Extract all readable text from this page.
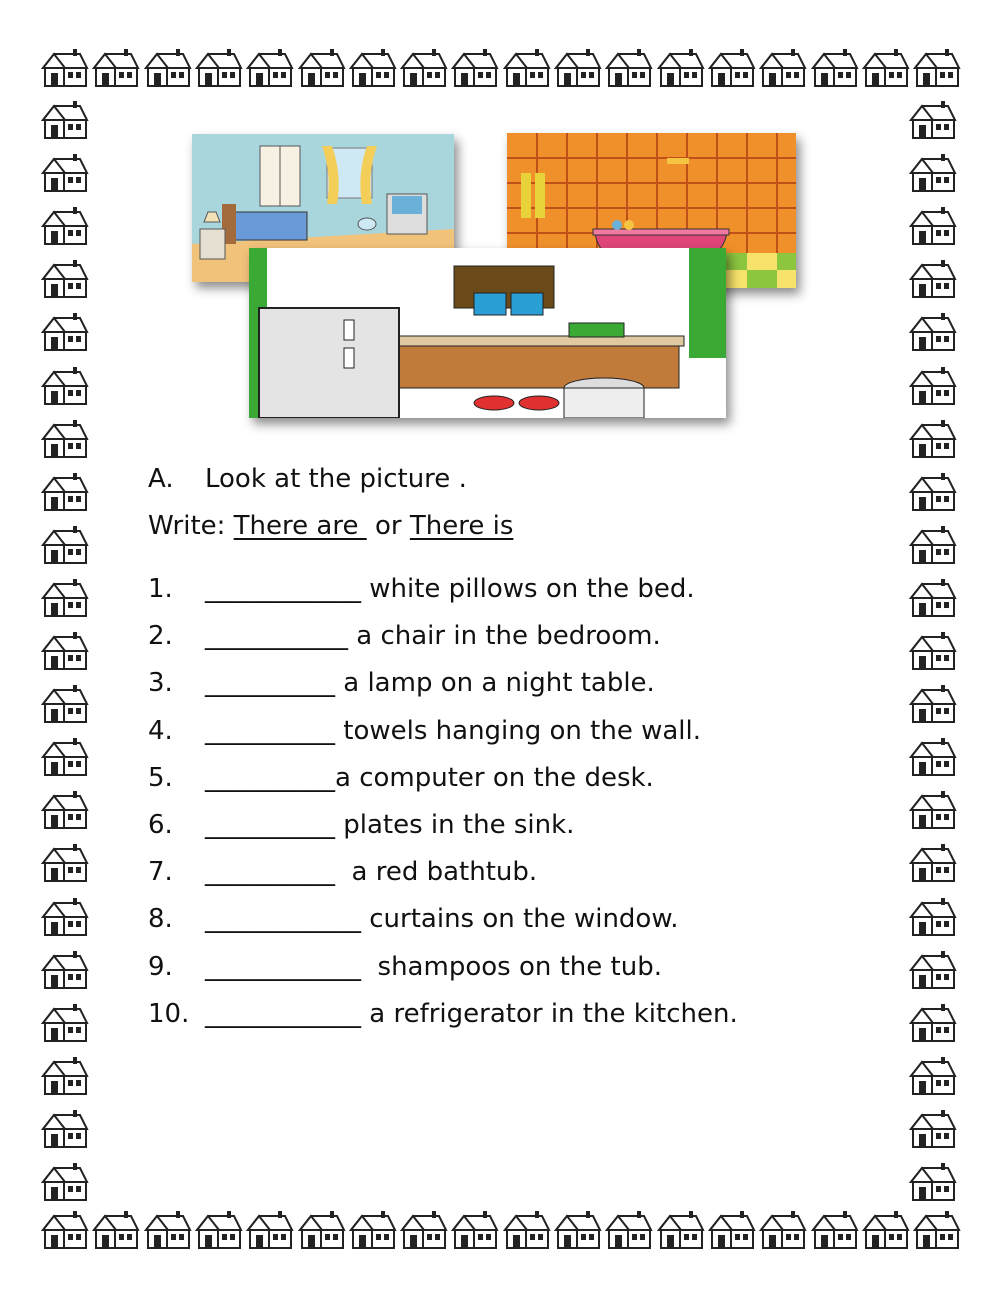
A. Look at the picture .
Write: There are  or There is
1. ____________ white pillows on the bed.
2. ___________ a chair in the bedroom.
3. __________ a lamp on a night table.
4. __________ towels hanging on the wall.
5. __________a computer on the desk.
6. __________ plates in the sink.
7. __________  a red bathtub.
8. ____________ curtains on the window.
9. ____________  shampoos on the tub.
10. ____________ a refrigerator in the kitchen.
